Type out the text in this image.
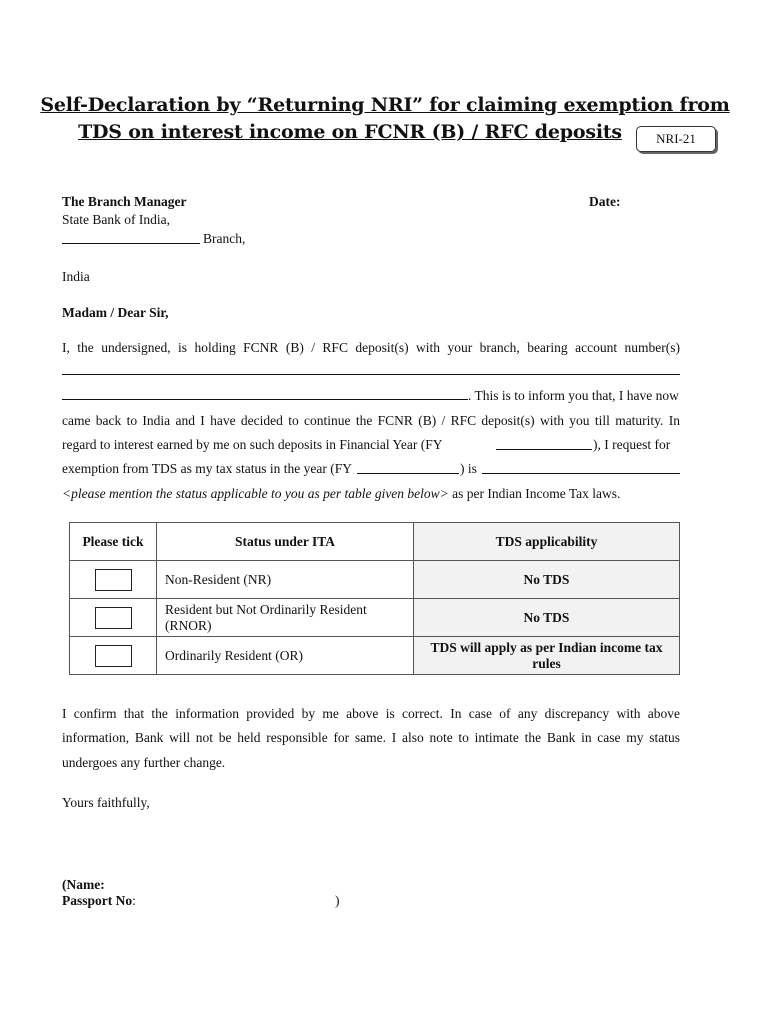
Self-Declaration by “Returning NRI” for claiming exemption from
TDS on interest income on FCNR (B) / RFC deposits	NRI-21
The Branch Manager	Date:
State Bank of India,
Branch,
India
Madam / Dear Sir,
I, the undersigned, is holding FCNR (B) / RFC deposit(s) with your branch, bearing account number(s)
. This is to inform you that, I have now
came back to India and I have decided to continue the FCNR (B) / RFC deposit(s) with you till maturity. In
regard to interest earned by me on such deposits in Financial Year (FY	), I request for
exemption from TDS as my tax status in the year (FY	) is
<please mention the status applicable to you as per table given below> as per Indian Income Tax laws.
Please tick	Status under ITA	TDS applicability
	Non-Resident (NR)	No TDS
	Resident but Not Ordinarily Resident (RNOR)	No TDS
	Ordinarily Resident (OR)	TDS will apply as per Indian income tax rules
I confirm that the information provided by me above is correct. In case of any discrepancy with above
information, Bank will not be held responsible for same. I also note to intimate the Bank in case my status
undergoes any further change.
Yours faithfully,
(Name:
Passport No:	)
